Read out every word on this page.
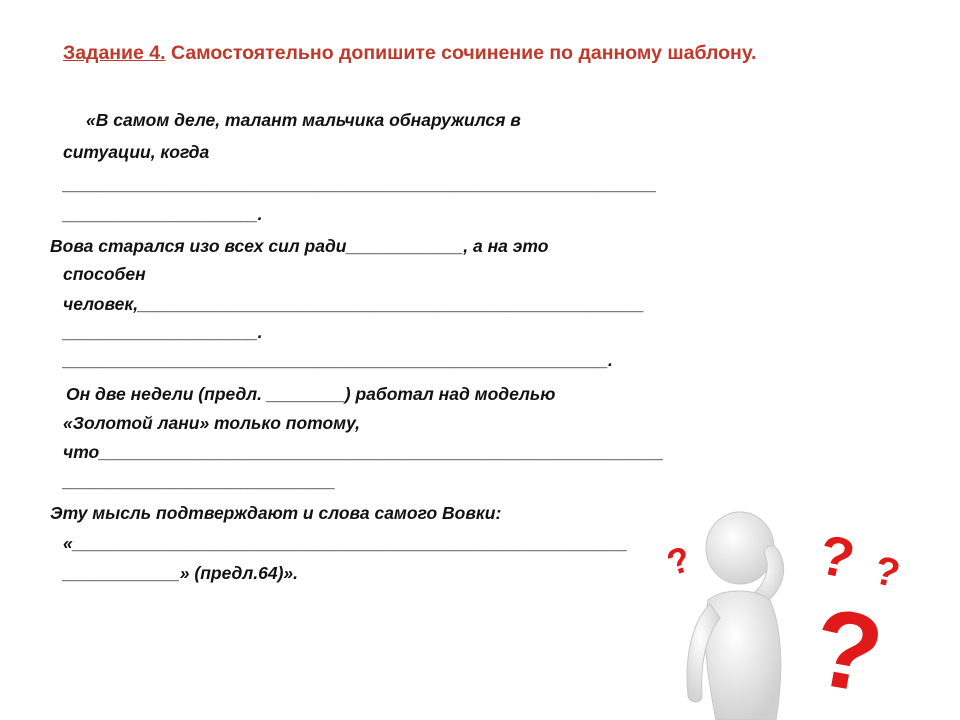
Задание 4. Самостоятельно допишите сочинение по данному шаблону.
«В самом деле, талант мальчика обнаружился в
ситуации, когда
_____________________________________________________________
____________________.
Вова старался изо всех сил ради____________, а на это
способен
человек,____________________________________________________
____________________.
________________________________________________________.
Он две недели (предл. ________) работал над моделью
«Золотой лани» только потому,
что__________________________________________________________
____________________________
Эту мысль подтверждают и слова самого Вовки:
«_________________________________________________________
____________» (предл.64)».	?
?	?
?
